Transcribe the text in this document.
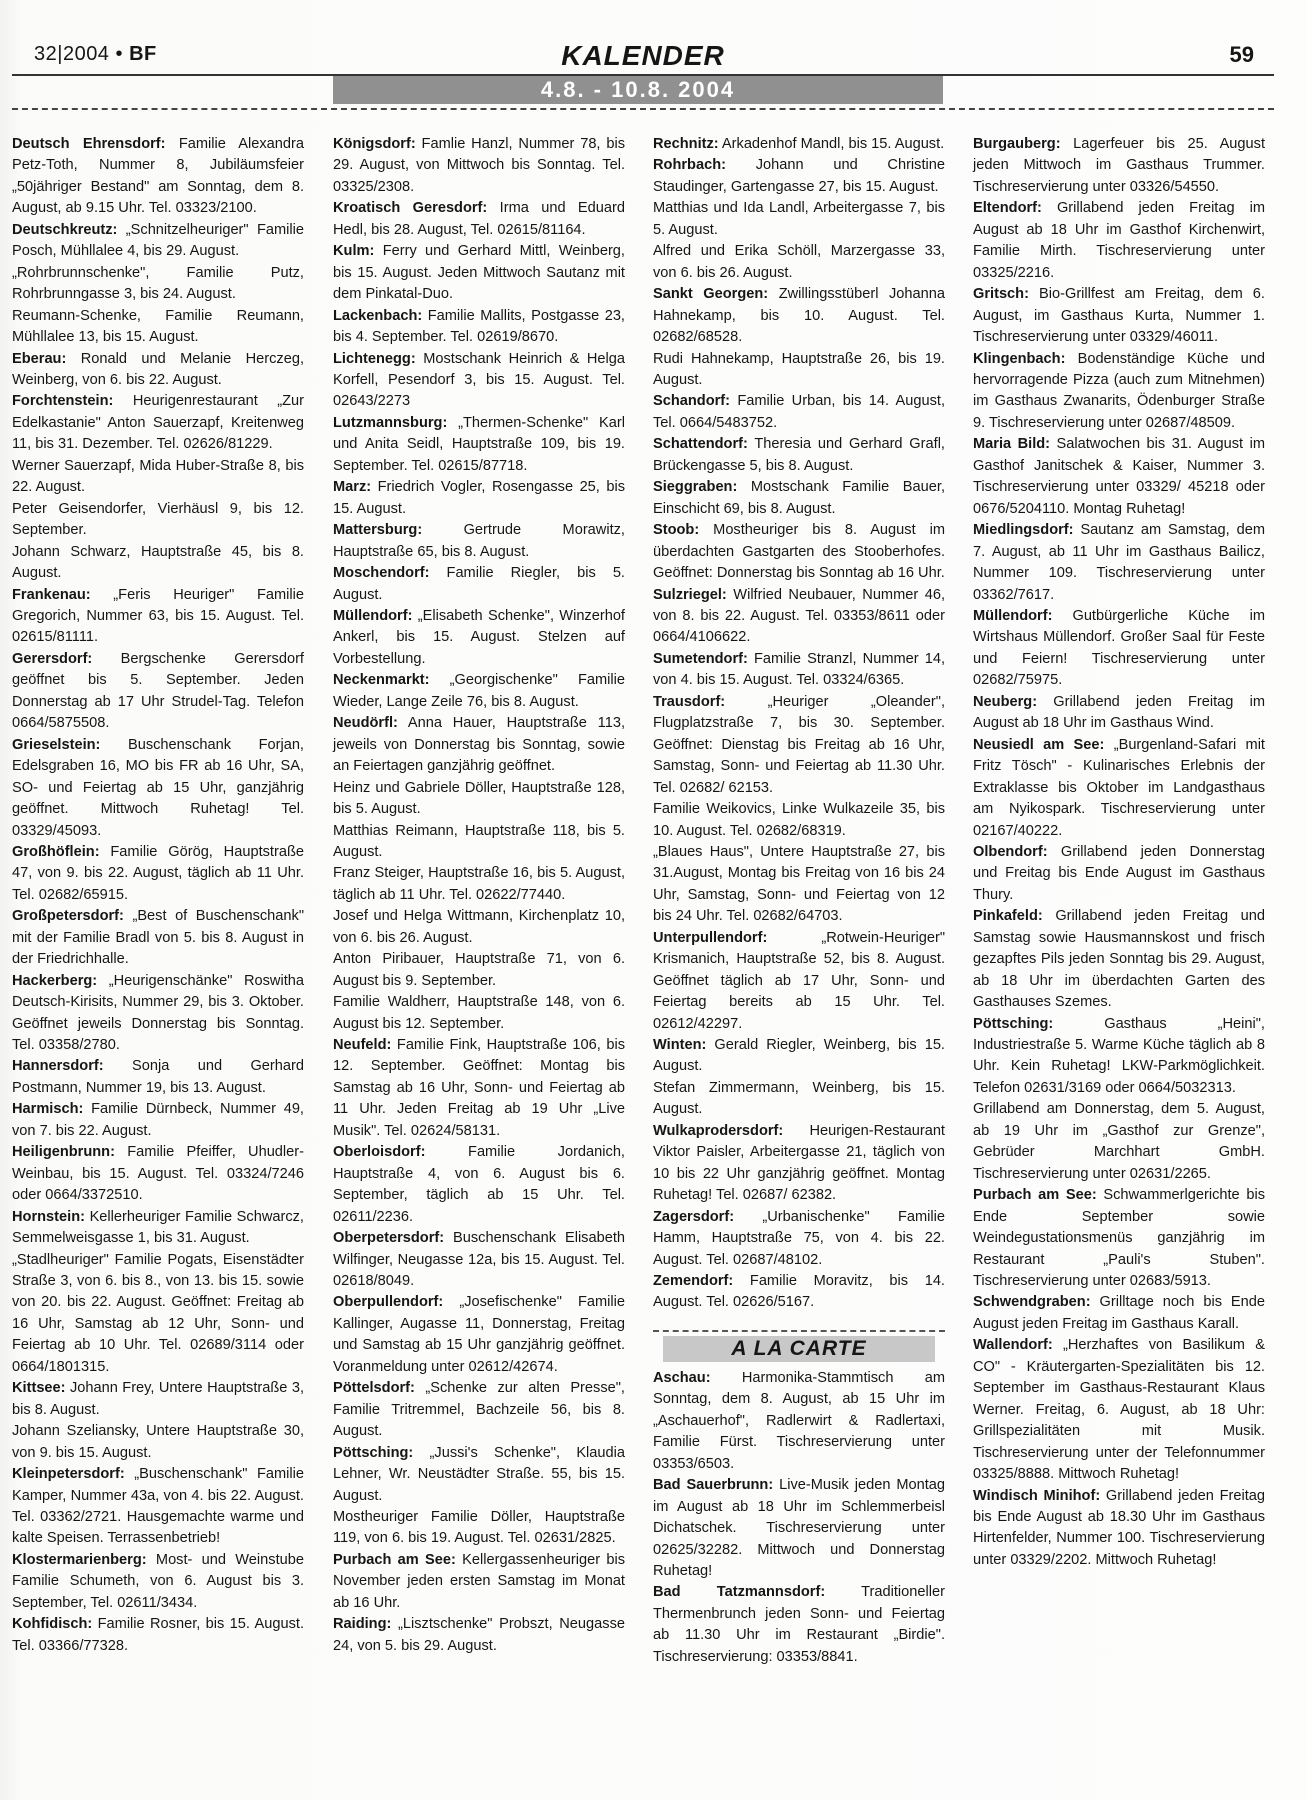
32|2004 • BF	KALENDER	59
4.8. - 10.8. 2004

Deutsch Ehrensdorf: Familie Alexandra Petz-Toth, Nummer 8, Jubiläumsfeier „50jähriger Bestand" am Sonntag, dem 8. August, ab 9.15 Uhr. Tel. 03323/2100.

Deutschkreutz: „Schnitzelheuriger" Familie Posch, Mühllalee 4, bis 29. August.

„Rohrbrunnschenke", Familie Putz, Rohrbrunngasse 3, bis 24. August.

Reumann-Schenke, Familie Reumann, Mühllalee 13, bis 15. August.

Eberau: Ronald und Melanie Herczeg, Weinberg, von 6. bis 22. August.

Forchtenstein: Heurigenrestaurant „Zur Edelkastanie" Anton Sauerzapf, Kreitenweg 11, bis 31. Dezember. Tel. 02626/81229.

Werner Sauerzapf, Mida Huber-Straße 8, bis 22. August.

Peter Geisendorfer, Vierhäusl 9, bis 12. September.

Johann Schwarz, Hauptstraße 45, bis 8. August.

Frankenau: „Feris Heuriger" Familie Gregorich, Nummer 63, bis 15. August. Tel. 02615/81111.

Gerersdorf: Bergschenke Gerersdorf geöffnet bis 5. September. Jeden Donnerstag ab 17 Uhr Strudel-Tag. Telefon 0664/5875508.

Grieselstein: Buschenschank Forjan, Edelsgraben 16, MO bis FR ab 16 Uhr, SA, SO- und Feiertag ab 15 Uhr, ganzjährig geöffnet. Mittwoch Ruhetag! Tel. 03329/45093.

Großhöflein: Familie Görög, Hauptstraße 47, von 9. bis 22. August, täglich ab 11 Uhr. Tel. 02682/65915.

Großpetersdorf: „Best of Buschenschank" mit der Familie Bradl von 5. bis 8. August in der Friedrichhalle.

Hackerberg: „Heurigenschänke" Roswitha Deutsch-Kirisits, Nummer 29, bis 3. Oktober. Geöffnet jeweils Donnerstag bis Sonntag. Tel. 03358/2780.

Hannersdorf: Sonja und Gerhard Postmann, Nummer 19, bis 13. August.

Harmisch: Familie Dürnbeck, Nummer 49, von 7. bis 22. August.

Heiligenbrunn: Familie Pfeiffer, Uhudler-Weinbau, bis 15. August. Tel. 03324/7246 oder 0664/3372510.

Hornstein: Kellerheuriger Familie Schwarcz, Semmelweisgasse 1, bis 31. August.

„Stadlheuriger" Familie Pogats, Eisenstädter Straße 3, von 6. bis 8., von 13. bis 15. sowie von 20. bis 22. August. Geöffnet: Freitag ab 16 Uhr, Samstag ab 12 Uhr, Sonn- und Feiertag ab 10 Uhr. Tel. 02689/3114 oder 0664/1801315.

Kittsee: Johann Frey, Untere Hauptstraße 3, bis 8. August.

Johann Szeliansky, Untere Hauptstraße 30, von 9. bis 15. August.

Kleinpetersdorf: „Buschenschank" Familie Kamper, Nummer 43a, von 4. bis 22. August. Tel. 03362/2721. Hausgemachte warme und kalte Speisen. Terrassenbetrieb!

Klostermarienberg: Most- und Weinstube Familie Schumeth, von 6. August bis 3. September, Tel. 02611/3434.

Kohfidisch: Familie Rosner, bis 15. August. Tel. 03366/77328.

Königsdorf: Famlie Hanzl, Nummer 78, bis 29. August, von Mittwoch bis Sonntag. Tel. 03325/2308.

Kroatisch Geresdorf: Irma und Eduard Hedl, bis 28. August, Tel. 02615/81164.

Kulm: Ferry und Gerhard Mittl, Weinberg, bis 15. August. Jeden Mittwoch Sautanz mit dem Pinkatal-Duo.

Lackenbach: Familie Mallits, Postgasse 23, bis 4. September. Tel. 02619/8670.

Lichtenegg: Mostschank Heinrich & Helga Korfell, Pesendorf 3, bis 15. August. Tel. 02643/2273

Lutzmannsburg: „Thermen-Schenke" Karl und Anita Seidl, Hauptstraße 109, bis 19. September. Tel. 02615/87718.

Marz: Friedrich Vogler, Rosengasse 25, bis 15. August.

Mattersburg:	Gertrude Morawitz, Hauptstraße 65, bis 8. August.

Moschendorf: Familie Riegler, bis 5. August.

Müllendorf: „Elisabeth Schenke", Winzerhof Ankerl, bis 15. August. Stelzen auf Vorbestellung.

Neckenmarkt: „Georgischenke" Familie Wieder, Lange Zeile 76, bis 8. August.

Neudörfl: Anna Hauer, Hauptstraße 113, jeweils von Donnerstag bis Sonntag, sowie an Feiertagen ganzjährig geöffnet.

Heinz und Gabriele Döller, Hauptstraße 128, bis 5. August.

Matthias Reimann, Hauptstraße 118, bis 5. August.

Franz Steiger, Hauptstraße 16, bis 5. August, täglich ab 11 Uhr. Tel. 02622/77440.

Josef und Helga Wittmann, Kirchenplatz 10, von 6. bis 26. August.

Anton Piribauer, Hauptstraße 71, von 6. August bis 9. September.

Familie Waldherr, Hauptstraße 148, von 6. August bis 12. September.

Neufeld: Familie Fink, Hauptstraße 106, bis 12. September. Geöffnet: Montag bis Samstag ab 16 Uhr, Sonn- und Feiertag ab 11 Uhr. Jeden Freitag ab 19 Uhr „Live Musik". Tel. 02624/58131.

Oberloisdorf:	Familie Jordanich, Hauptstraße 4, von 6. August bis 6. September, täglich ab 15 Uhr. Tel. 02611/2236.

Oberpetersdorf: Buschenschank Elisabeth Wilfinger, Neugasse 12a, bis 15. August. Tel. 02618/8049.

Oberpullendorf: „Josefischenke" Familie Kallinger, Augasse 11, Donnerstag, Freitag und Samstag ab 15 Uhr ganzjährig geöffnet. Voranmeldung unter 02612/42674.

Pöttelsdorf: „Schenke zur alten Presse", Familie Tritremmel, Bachzeile 56, bis 8. August.

Pöttsching: „Jussi's Schenke", Klaudia Lehner, Wr. Neustädter Straße. 55, bis 15. August.

Mostheuriger Familie Döller, Hauptstraße 119, von 6. bis 19. August. Tel. 02631/2825.

Purbach am See: Kellergassenheuriger bis November jeden ersten Samstag im Monat ab 16 Uhr.

Raiding: „Lisztschenke" Probszt, Neugasse 24, von 5. bis 29. August.

Rechnitz: Arkadenhof Mandl, bis 15. August.

Rohrbach: Johann und Christine Staudinger, Gartengasse 27, bis 15. August.

Matthias und Ida Landl, Arbeitergasse 7, bis 5. August.

Alfred und Erika Schöll, Marzergasse 33, von 6. bis 26. August.

Sankt Georgen: Zwillingsstüberl Johanna Hahnekamp, bis 10. August. Tel. 02682/68528.

Rudi Hahnekamp, Hauptstraße 26, bis 19. August.

Schandorf: Familie Urban, bis 14. August, Tel. 0664/5483752.

Schattendorf: Theresia und Gerhard Grafl, Brückengasse 5, bis 8. August.

Sieggraben: Mostschank Familie Bauer, Einschicht 69, bis 8. August.

Stoob: Mostheuriger bis 8. August im überdachten Gastgarten des Stooberhofes. Geöffnet: Donnerstag bis Sonntag ab 16 Uhr.

Sulzriegel: Wilfried Neubauer, Nummer 46, von 8. bis 22. August. Tel. 03353/8611 oder 0664/4106622.

Sumetendorf: Familie Stranzl, Nummer 14, von 4. bis 15. August. Tel. 03324/6365.

Trausdorf:	„Heuriger „Oleander", Flugplatzstraße 7, bis 30. September. Geöffnet: Dienstag bis Freitag ab 16 Uhr, Samstag, Sonn- und Feiertag ab 11.30 Uhr. Tel. 02682/ 62153.

Familie Weikovics, Linke Wulkazeile 35, bis 10. August. Tel. 02682/68319.

„Blaues Haus", Untere Hauptstraße 27, bis 31.August, Montag bis Freitag von 16 bis 24 Uhr, Samstag, Sonn- und Feiertag von 12 bis 24 Uhr. Tel. 02682/64703.

Unterpullendorf:	„Rotwein-Heuriger" Krismanich, Hauptstraße 52, bis 8. August. Geöffnet täglich ab 17 Uhr, Sonn- und Feiertag bereits ab 15 Uhr. Tel. 02612/42297.

Winten: Gerald Riegler, Weinberg, bis 15. August.

Stefan Zimmermann, Weinberg, bis 15. August.

Wulkaprodersdorf: Heurigen-Restaurant Viktor Paisler, Arbeitergasse 21, täglich von 10 bis 22 Uhr ganzjährig geöffnet. Montag Ruhetag! Tel. 02687/ 62382.

Zagersdorf: „Urbanischenke" Familie Hamm, Hauptstraße 75, von 4. bis 22. August. Tel. 02687/48102.

Zemendorf: Familie Moravitz, bis 14. August. Tel. 02626/5167.

A LA CARTE

Aschau: Harmonika-Stammtisch am Sonntag, dem 8. August, ab 15 Uhr im „Aschauerhof", Radlerwirt & Radlertaxi, Familie Fürst. Tischreservierung unter 03353/6503.

Bad Sauerbrunn: Live-Musik jeden Montag im August ab 18 Uhr im Schlemmerbeisl Dichatschek. Tischreservierung unter 02625/32282. Mittwoch und Donnerstag Ruhetag!

Bad Tatzmannsdorf: Traditioneller Thermenbrunch jeden Sonn- und Feiertag ab 11.30 Uhr im Restaurant „Birdie". Tischreservierung: 03353/8841.

Burgauberg: Lagerfeuer bis 25. August jeden Mittwoch im Gasthaus Trummer. Tischreservierung unter 03326/54550.

Eltendorf: Grillabend jeden Freitag im August ab 18 Uhr im Gasthof Kirchenwirt, Familie Mirth. Tischreservierung unter 03325/2216.

Gritsch: Bio-Grillfest am Freitag, dem 6. August, im Gasthaus Kurta, Nummer 1. Tischreservierung unter 03329/46011.

Klingenbach: Bodenständige Küche und hervorragende Pizza (auch zum Mitnehmen) im Gasthaus Zwanarits, Ödenburger Straße 9. Tischreservierung unter 02687/48509.

Maria Bild: Salatwochen bis 31. August im Gasthof Janitschek & Kaiser, Nummer 3. Tischreservierung unter 03329/ 45218 oder 0676/5204110. Montag Ruhetag!

Miedlingsdorf: Sautanz am Samstag, dem 7. August, ab 11 Uhr im Gasthaus Bailicz, Nummer 109. Tischreservierung unter 03362/7617.

Müllendorf: Gutbürgerliche Küche im Wirtshaus Müllendorf. Großer Saal für Feste und Feiern! Tischreservierung unter 02682/75975.

Neuberg: Grillabend jeden Freitag im August ab 18 Uhr im Gasthaus Wind.

Neusiedl am See: „Burgenland-Safari mit Fritz Tösch" - Kulinarisches Erlebnis der Extraklasse bis Oktober im Landgasthaus am Nyikospark. Tischreservierung unter 02167/40222.

Olbendorf: Grillabend jeden Donnerstag und Freitag bis Ende August im Gasthaus Thury.

Pinkafeld: Grillabend jeden Freitag und Samstag sowie Hausmannskost und frisch gezapftes Pils jeden Sonntag bis 29. August, ab 18 Uhr im überdachten Garten des Gasthauses Szemes.

Pöttsching:	Gasthaus „Heini", Industriestraße 5. Warme Küche täglich ab 8 Uhr. Kein Ruhetag! LKW-Parkmöglichkeit. Telefon 02631/3169 oder 0664/5032313.

Grillabend am Donnerstag, dem 5. August, ab 19 Uhr im „Gasthof zur Grenze", Gebrüder Marchhart GmbH. Tischreservierung unter 02631/2265.

Purbach am See: Schwammerlgerichte bis Ende September sowie Weindegustationsmenüs ganzjährig im Restaurant „Pauli's Stuben". Tischreservierung unter 02683/5913.

Schwendgraben: Grilltage noch bis Ende August jeden Freitag im Gasthaus Karall.

Wallendorf: „Herzhaftes von Basilikum & CO" - Kräutergarten-Spezialitäten bis 12. September im Gasthaus-Restaurant Klaus Werner. Freitag, 6. August, ab 18 Uhr: Grillspezialitäten mit Musik. Tischreservierung unter der Telefonnummer 03325/8888. Mittwoch Ruhetag!

Windisch Minihof: Grillabend jeden Freitag bis Ende August ab 18.30 Uhr im Gasthaus Hirtenfelder, Nummer 100. Tischreservierung unter 03329/2202. Mittwoch Ruhetag!
